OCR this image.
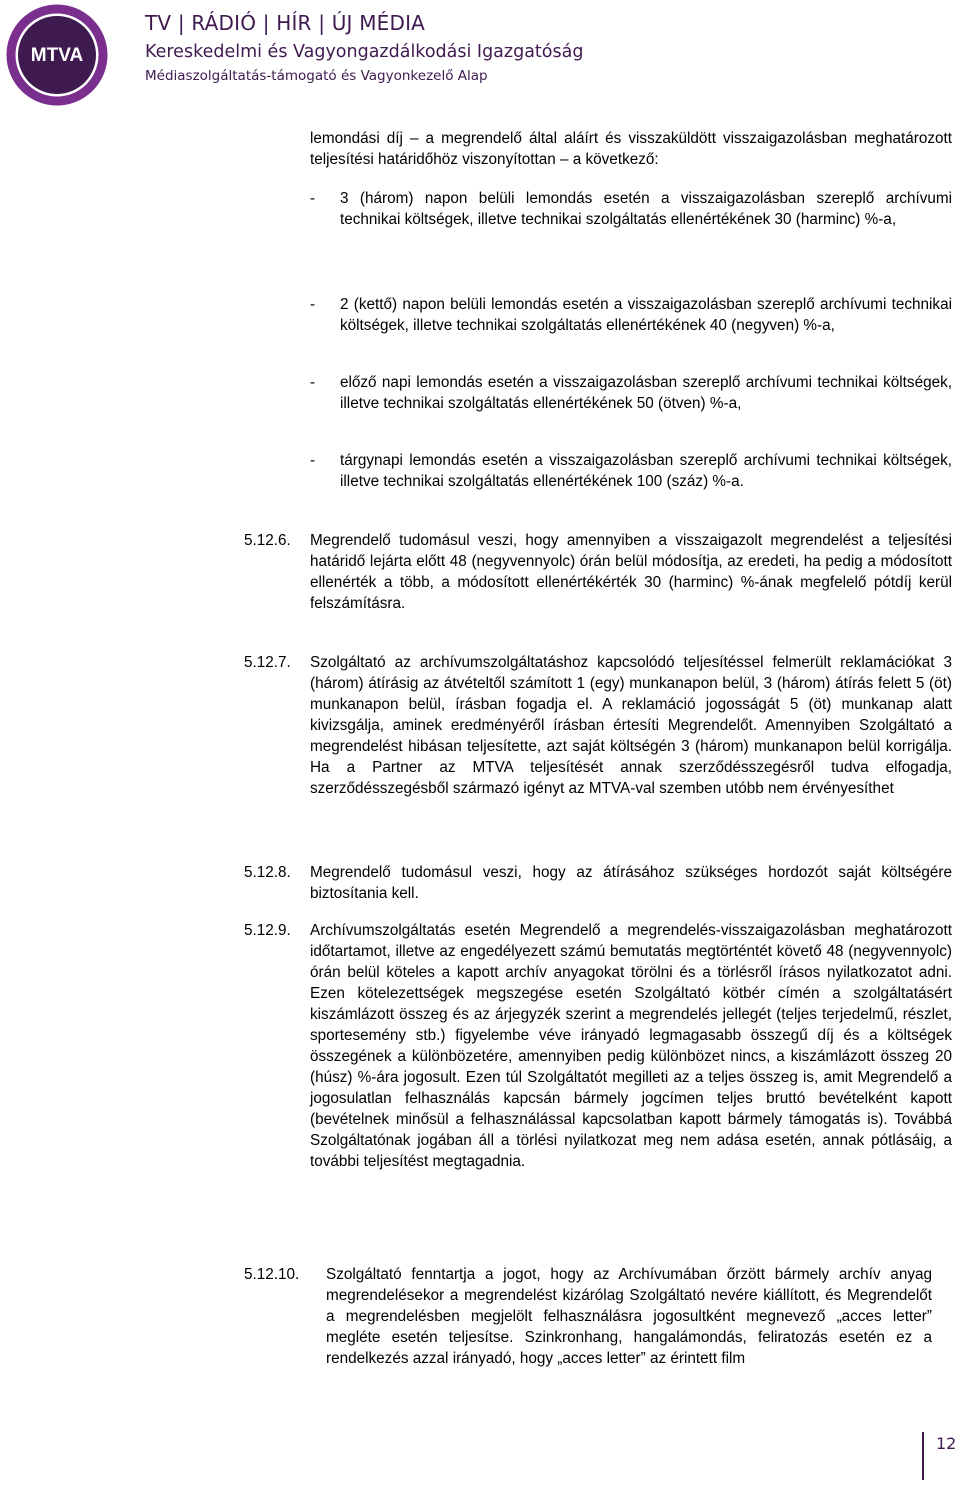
MTVA
TV | RÁDIÓ | HÍR | ÚJ MÉDIA
Kereskedelmi és Vagyongazdálkodási Igazgatóság
Médiaszolgáltatás-támogató és Vagyonkezelő Alap

lemondási díj – a megrendelő által aláírt és visszaküldött visszaigazolásban meghatározott teljesítési határidőhöz viszonyítottan – a következő:

- 3 (három) napon belüli lemondás esetén a visszaigazolásban szereplő archívumi technikai költségek, illetve technikai szolgáltatás ellenértékének 30 (harminc) %-a,

- 2 (kettő) napon belüli lemondás esetén a visszaigazolásban szereplő archívumi technikai költségek, illetve technikai szolgáltatás ellenértékének 40 (negyven) %-a,

- előző napi lemondás esetén a visszaigazolásban szereplő archívumi technikai költségek, illetve technikai szolgáltatás ellenértékének 50 (ötven) %-a,

- tárgynapi lemondás esetén a visszaigazolásban szereplő archívumi technikai költségek, illetve technikai szolgáltatás ellenértékének 100 (száz) %-a.

5.12.6. Megrendelő tudomásul veszi, hogy amennyiben a visszaigazolt megrendelést a teljesítési határidő lejárta előtt 48 (negyvennyolc) órán belül módosítja, az eredeti, ha pedig a módosított ellenérték a több, a módosított ellenértékérték 30 (harminc) %-ának megfelelő pótdíj kerül felszámításra.

5.12.7. Szolgáltató az archívumszolgáltatáshoz kapcsolódó teljesítéssel felmerült reklamációkat 3 (három) átírásig az átvételtől számított 1 (egy) munkanapon belül, 3 (három) átírás felett 5 (öt) munkanapon belül, írásban fogadja el. A reklamáció jogosságát 5 (öt) munkanap alatt kivizsgálja, aminek eredményéről írásban értesíti Megrendelőt. Amennyiben Szolgáltató a megrendelést hibásan teljesítette, azt saját költségén 3 (három) munkanapon belül korrigálja. Ha a Partner az MTVA teljesítését annak szerződésszegésről tudva elfogadja, szerződésszegésből származó igényt az MTVA-val szemben utóbb nem érvényesíthet

5.12.8. Megrendelő tudomásul veszi, hogy az átírásához szükséges hordozót saját költségére biztosítania kell.

5.12.9. Archívumszolgáltatás esetén Megrendelő a megrendelés-visszaigazolásban meghatározott időtartamot, illetve az engedélyezett számú bemutatás megtörténtét követő 48 (negyvennyolc) órán belül köteles a kapott archív anyagokat törölni és a törlésről írásos nyilatkozatot adni. Ezen kötelezettségek megszegése esetén Szolgáltató kötbér címén a szolgáltatásért kiszámlázott összeg és az árjegyzék szerint a megrendelés jellegét (teljes terjedelmű, részlet, sportesemény stb.) figyelembe véve irányadó legmagasabb összegű díj és a költségek összegének a különbözetére, amennyiben pedig különbözet nincs, a kiszámlázott összeg 20 (húsz) %-ára jogosult. Ezen túl Szolgáltatót megilleti az a teljes összeg is, amit Megrendelő a jogosulatlan felhasználás kapcsán bármely jogcímen teljes bruttó bevételként kapott (bevételnek minősül a felhasználással kapcsolatban kapott bármely támogatás is). Továbbá Szolgáltatónak jogában áll a törlési nyilatkozat meg nem adása esetén, annak pótlásáig, a további teljesítést megtagadnia.

5.12.10. Szolgáltató fenntartja a jogot, hogy az Archívumában őrzött bármely archív anyag megrendelésekor a megrendelést kizárólag Szolgáltató nevére kiállított, és Megrendelőt a megrendelésben megjelölt felhasználásra jogosultként megnevező „acces letter” megléte esetén teljesítse. Szinkronhang, hangalámondás, feliratozás esetén ez a rendelkezés azzal irányadó, hogy „acces letter” az érintett film

12
